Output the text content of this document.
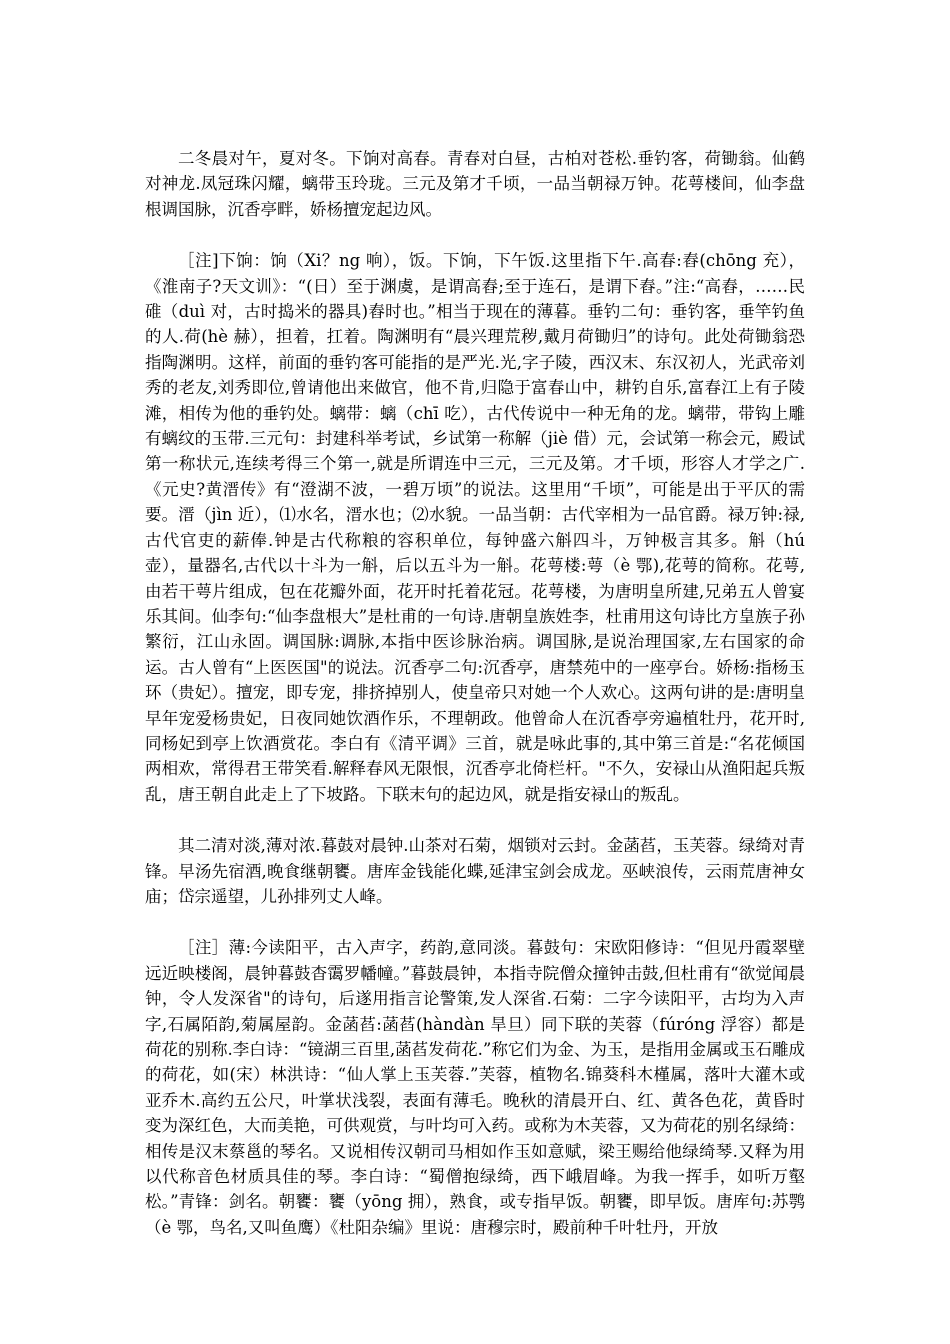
二冬晨对午，夏对冬。下饷对高春。青春对白昼，古柏对苍松.垂钓客，荷锄翁。仙鹤对神龙.凤冠珠闪耀，螭带玉玲珑。三元及第才千顷，一品当朝禄万钟。花萼楼间，仙李盘根调国脉，沉香亭畔，娇杨擅宠起边风。

［注]下饷：饷（Xi？ng 响），饭。下饷，下午饭.这里指下午.高春:舂(chōng 充），《淮南子?天文训》：“(日）至于渊虞，是谓高舂;至于连石，是谓下舂。”注:“高舂，……民碓（duì 对，古时捣米的器具)舂时也。”相当于现在的薄暮。垂钓二句：垂钓客，垂竿钓鱼的人.荷(hè 赫），担着，扛着。陶渊明有“晨兴理荒秽,戴月荷锄归”的诗句。此处荷锄翁恐指陶渊明。这样，前面的垂钓客可能指的是严光.光,字子陵，西汉末、东汉初人，光武帝刘秀的老友,刘秀即位,曾请他出来做官，他不肯,归隐于富春山中，耕钓自乐,富春江上有子陵滩，相传为他的垂钓处。螭带：螭（chī 吃），古代传说中一种无角的龙。螭带，带钩上雕有螭纹的玉带.三元句：封建科举考试，乡试第一称解（jiè 借）元，会试第一称会元，殿试第一称状元,连续考得三个第一,就是所谓连中三元，三元及第。才千顷，形容人才学之广.《元史?黄溍传》有“澄湖不波，一碧万顷”的说法。这里用“千顷”，可能是出于平仄的需要。溍（jìn 近），⑴水名，溍水也；⑵水貌。一品当朝：古代宰相为一品官爵。禄万钟:禄,古代官吏的薪俸.钟是古代称粮的容积单位，每钟盛六斛四斗，万钟极言其多。斛（hú 壶），量器名,古代以十斗为一斛，后以五斗为一斛。花萼楼:萼（è 鄂),花萼的简称。花萼,由若干萼片组成，包在花瓣外面，花开时托着花冠。花萼楼，为唐明皇所建,兄弟五人曾宴乐其间。仙李句:“仙李盘根大”是杜甫的一句诗.唐朝皇族姓李，杜甫用这句诗比方皇族子孙繁衍，江山永固。调国脉:调脉,本指中医诊脉治病。调国脉,是说治理国家,左右国家的命运。古人曾有“上医医国"的说法。沉香亭二句:沉香亭，唐禁苑中的一座亭台。娇杨:指杨玉环（贵妃）。擅宠，即专宠，排挤掉别人，使皇帝只对她一个人欢心。这两句讲的是:唐明皇早年宠爱杨贵妃，日夜同她饮酒作乐，不理朝政。他曾命人在沉香亭旁遍植牡丹，花开时,同杨妃到亭上饮酒赏花。李白有《清平调》三首，就是咏此事的,其中第三首是:“名花倾国两相欢，常得君王带笑看.解释春风无限恨，沉香亭北倚栏杆。"不久，安禄山从渔阳起兵叛乱，唐王朝自此走上了下坡路。下联末句的起边风，就是指安禄山的叛乱。

其二清对淡,薄对浓.暮鼓对晨钟.山茶对石菊，烟锁对云封。金菡萏，玉芙蓉。绿绮对青锋。早汤先宿酒,晚食继朝饔。唐库金钱能化蝶,延津宝剑会成龙。巫峡浪传，云雨荒唐神女庙；岱宗遥望，儿孙排列丈人峰。

［注］薄:今读阳平，古入声字，药韵,意同淡。暮鼓句：宋欧阳修诗：“但见丹霞翠壁远近映楼阁，晨钟暮鼓杳霭罗幡幢。”暮鼓晨钟，本指寺院僧众撞钟击鼓,但杜甫有“欲觉闻晨钟，令人发深省"的诗句，后遂用指言论警策,发人深省.石菊：二字今读阳平，古均为入声字,石属陌韵,菊属屋韵。金菡萏:菡萏(hàndàn 旱旦）同下联的芙蓉（fúróng 浮容）都是荷花的别称.李白诗：“镜湖三百里,菡萏发荷花.”称它们为金、为玉，是指用金属或玉石雕成的荷花，如(宋）林洪诗：“仙人掌上玉芙蓉.”芙蓉，植物名.锦葵科木槿属，落叶大灌木或亚乔木.高约五公尺，叶掌状浅裂，表面有薄毛。晚秋的清晨开白、红、黄各色花，黄昏时变为深红色，大而美艳，可供观赏，与叶均可入药。或称为木芙蓉，又为荷花的别名绿绮：相传是汉末蔡邕的琴名。又说相传汉朝司马相如作玉如意赋，梁王赐给他绿绮琴.又释为用以代称音色材质具佳的琴。李白诗：“蜀僧抱绿绮，西下峨眉峰。为我一挥手，如听万壑松。”青锋：剑名。朝饔：饔（yōng 拥），熟食，或专指早饭。朝饔，即早饭。唐库句:苏鹗（è 鄂，鸟名,又叫鱼鹰）《杜阳杂编》里说：唐穆宗时，殿前种千叶牡丹，开放
